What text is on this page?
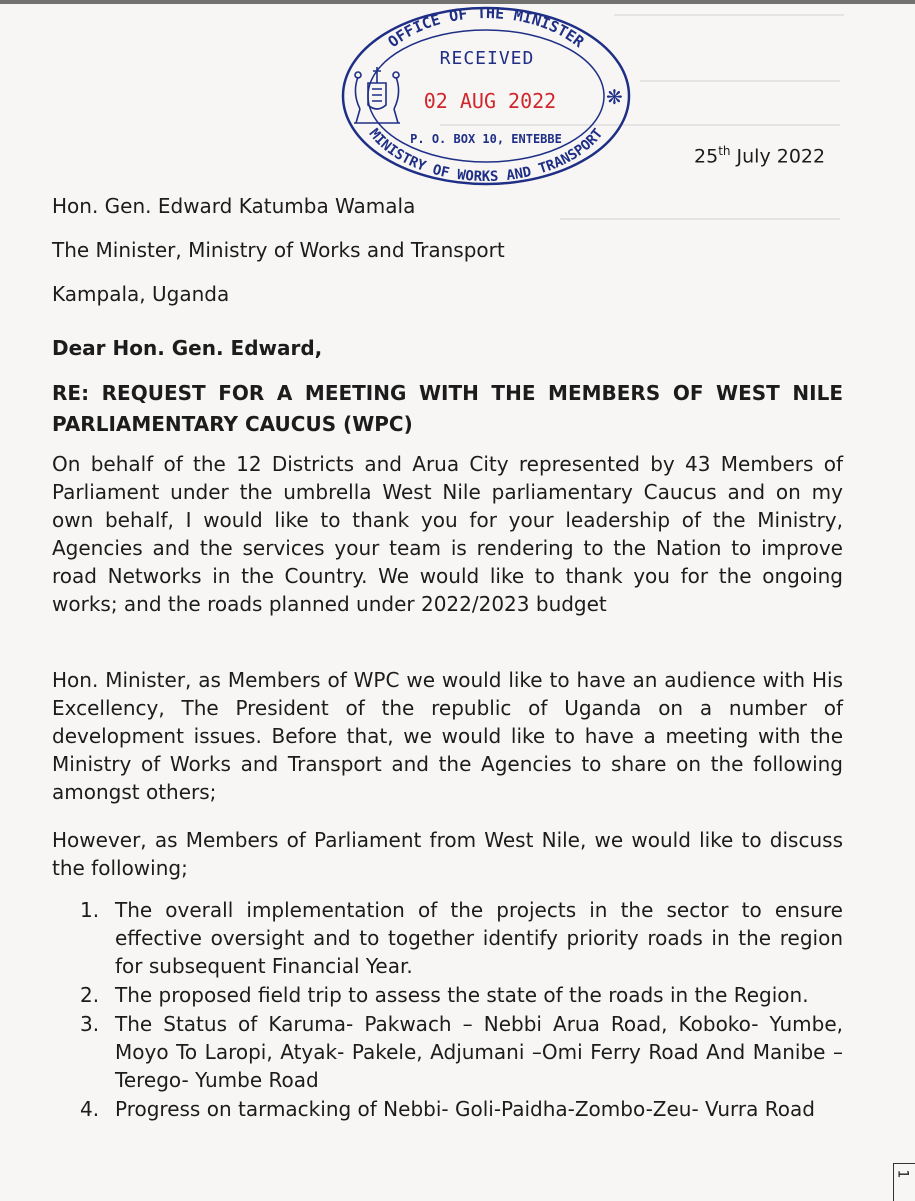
OFFICE OF THE MINISTER
MINISTRY OF WORKS AND TRANSPORT
P. O. BOX 10, ENTEBBE
RECEIVED
02 AUG 2022 ❋
25th July 2022
Hon. Gen. Edward Katumba Wamala
The Minister, Ministry of Works and Transport
Kampala, Uganda
Dear Hon. Gen. Edward,
RE: REQUEST FOR A MEETING WITH THE MEMBERS OF WEST NILE PARLIAMENTARY CAUCUS (WPC)

On behalf of the 12 Districts and Arua City represented by 43 Members of Parliament under the umbrella West Nile parliamentary Caucus and on my own behalf, I would like to thank you for your leadership of the Ministry, Agencies and the services your team is rendering to the Nation to improve road Networks in the Country. We would like to thank you for the ongoing works; and the roads planned under 2022/2023 budget

Hon. Minister, as Members of WPC we would like to have an audience with His Excellency, The President of the republic of Uganda on a number of development issues. Before that, we would like to have a meeting with the Ministry of Works and Transport and the Agencies to share on the following amongst others;

However, as Members of Parliament from West Nile, we would like to discuss the following;

1. The overall implementation of the projects in the sector to ensure effective oversight and to together identify priority roads in the region for subsequent Financial Year.
2. The proposed field trip to assess the state of the roads in the Region.
3. The Status of Karuma- Pakwach – Nebbi Arua Road, Koboko- Yumbe, Moyo To Laropi, Atyak- Pakele, Adjumani –Omi Ferry Road And Manibe –Terego- Yumbe Road
4. Progress on tarmacking of Nebbi- Goli-Paidha-Zombo-Zeu- Vurra Road
1
